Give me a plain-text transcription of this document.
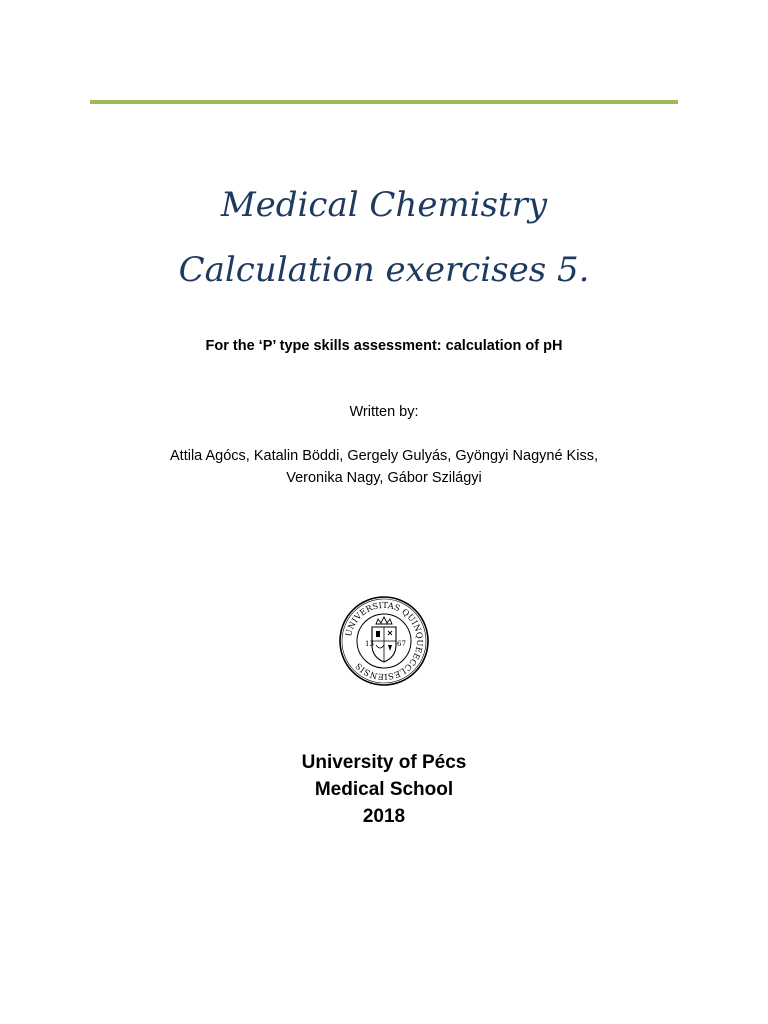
Medical Chemistry
Calculation exercises 5.
For the ‘P’ type skills assessment: calculation of pH
Written by:
Attila Agócs, Katalin Böddi, Gergely Gulyás, Gyöngyi Nagyné Kiss,
Veronika Nagy, Gábor Szilágyi
UNIVERSITAS QUINQUEECCLESIENSIS
13	67
University of Pécs
Medical School
2018
